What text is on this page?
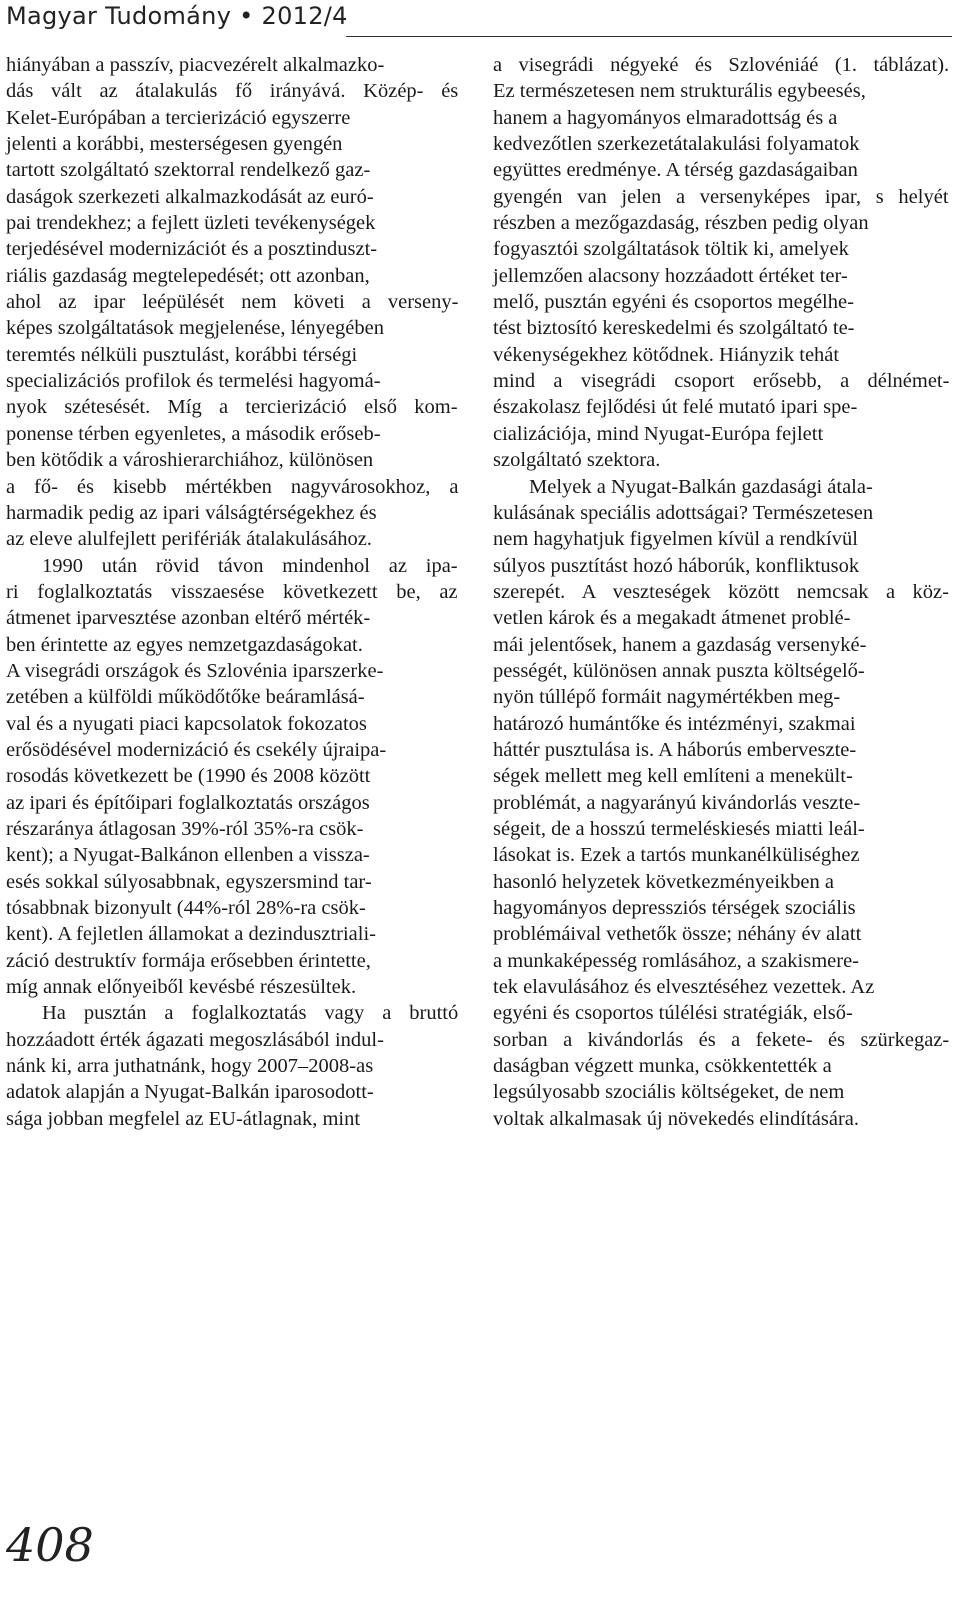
Magyar Tudomány • 2012/4
hiányában a passzív, piacvezérelt alkalmazko-
dás vált az átalakulás fő irányává. Közép- és
Kelet-Európában a tercierizáció egyszerre
jelenti a korábbi, mesterségesen gyengén
tartott szolgáltató szektorral rendelkező gaz-
daságok szerkezeti alkalmazkodását az euró-
pai trendekhez; a fejlett üzleti tevékenységek
terjedésével modernizációt és a posztinduszt-
riális gazdaság megtelepedését; ott azonban,
ahol az ipar leépülését nem követi a verseny-
képes szolgáltatások megjelenése, lényegében
teremtés nélküli pusztulást, korábbi térségi
specializációs profilok és termelési hagyomá-
nyok szétesését. Míg a tercierizáció első kom-
ponense térben egyenletes, a második erőseb-
ben kötődik a városhierarchiához, különösen
a fő- és kisebb mértékben nagyvárosokhoz, a
harmadik pedig az ipari válságtérségekhez és
az eleve alulfejlett perifériák átalakulásához.
1990 után rövid távon mindenhol az ipa-
ri foglalkoztatás visszaesése következett be, az
átmenet iparvesztése azonban eltérő mérték-
ben érintette az egyes nemzetgazdaságokat.
A visegrádi országok és Szlovénia iparszerke-
zetében a külföldi működőtőke beáramlásá-
val és a nyugati piaci kapcsolatok fokozatos
erősödésével modernizáció és csekély újraipa-
rosodás következett be (1990 és 2008 között
az ipari és építőipari foglalkoztatás országos
részaránya átlagosan 39%-ról 35%-ra csök-
kent); a Nyugat-Balkánon ellenben a vissza-
esés sokkal súlyosabbnak, egyszersmind tar-
tósabbnak bizonyult (44%-ról 28%-ra csök-
kent). A fejletlen államokat a dezindusztriali-
záció destruktív formája erősebben érintette,
míg annak előnyeiből kevésbé részesültek.
Ha pusztán a foglalkoztatás vagy a bruttó
hozzáadott érték ágazati megoszlásából indul-
nánk ki, arra juthatnánk, hogy 2007–2008-as
adatok alapján a Nyugat-Balkán iparosodott-
sága jobban megfelel az EU-átlagnak, mint
a visegrádi négyeké és Szlovéniáé (1. táblázat).
Ez természetesen nem strukturális egybeesés,
hanem a hagyományos elmaradottság és a
kedvezőtlen szerkezetátalakulási folyamatok
együttes eredménye. A térség gazdaságaiban
gyengén van jelen a versenyképes ipar, s helyét
részben a mezőgazdaság, részben pedig olyan
fogyasztói szolgáltatások töltik ki, amelyek
jellemzően alacsony hozzáadott értéket ter-
melő, pusztán egyéni és csoportos megélhe-
tést biztosító kereskedelmi és szolgáltató te-
vékenységekhez kötődnek. Hiányzik tehát
mind a visegrádi csoport erősebb, a délnémet-
északolasz fejlődési út felé mutató ipari spe-
cializációja, mind Nyugat-Európa fejlett
szolgáltató szektora.
Melyek a Nyugat-Balkán gazdasági átala-
kulásának speciális adottságai? Természetesen
nem hagyhatjuk figyelmen kívül a rendkívül
súlyos pusztítást hozó háborúk, konfliktusok
szerepét. A veszteségek között nemcsak a köz-
vetlen károk és a megakadt átmenet problé-
mái jelentősek, hanem a gazdaság versenyké-
pességét, különösen annak puszta költségelő-
nyön túllépő formáit nagymértékben meg-
határozó humántőke és intézményi, szakmai
háttér pusztulása is. A háborús emberveszte-
ségek mellett meg kell említeni a menekült-
problémát, a nagyarányú kivándorlás veszte-
ségeit, de a hosszú termeléskiesés miatti leál-
lásokat is. Ezek a tartós munkanélküliséghez
hasonló helyzetek következményeikben a
hagyományos depressziós térségek szociális
problémáival vethetők össze; néhány év alatt
a munkaképesség romlásához, a szakismere-
tek elavulásához és elvesztéséhez vezettek. Az
egyéni és csoportos túlélési stratégiák, első-
sorban a kivándorlás és a fekete- és szürkegaz-
daságban végzett munka, csökkentették a
legsúlyosabb szociális költségeket, de nem
voltak alkalmasak új növekedés elindítására.
408
